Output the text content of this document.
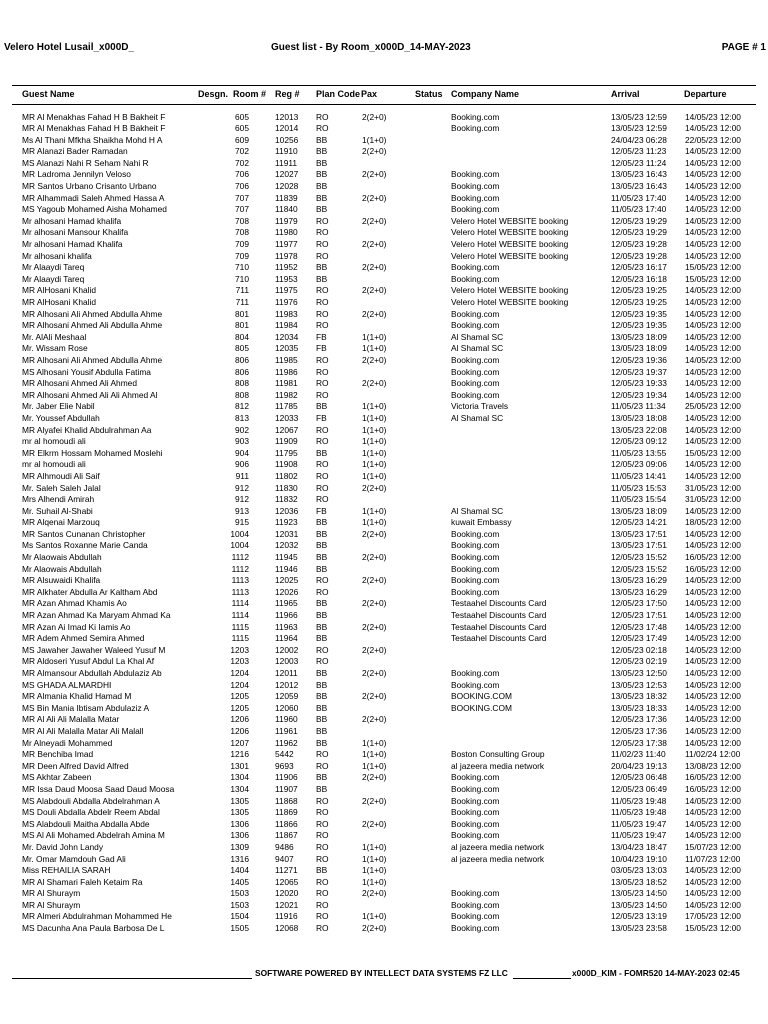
Velero Hotel Lusail_x000D_	Guest list - By Room_x000D_14-MAY-2023	PAGE # 1
Guest Name	Desgn. Room # Reg # Plan Code Pax	Status Company Name	Arrival	Departure
MR Al Menakhas Fahad H B Bakheit F	605	12013	RO	2(2+0)	Booking.com	13/05/23 12:59	14/05/23 12:00
MR Al Menakhas Fahad H B Bakheit F	605	12014	RO	Booking.com	13/05/23 12:59	14/05/23 12:00
Ms Al Thani Mfkha Shaikha Mohd H A	609	10256	BB	1(1+0)	24/04/23 06:28	22/05/23 12:00
MR Alanazi Bader Ramadan	702	11910	BB	2(2+0)	12/05/23 11:23	14/05/23 12:00
MS Alanazi Nahi R Seham Nahi R	702	11911	BB	12/05/23 11:24	14/05/23 12:00
MR Ladroma Jennilyn Veloso	706	12027	BB	2(2+0)	Booking.com	13/05/23 16:43	14/05/23 12:00
MR Santos Urbano Crisanto Urbano	706	12028	BB	Booking.com	13/05/23 16:43	14/05/23 12:00
MR Alhammadi Saleh Ahmed Hassa A	707	11839	BB	2(2+0)	Booking.com	11/05/23 17:40	14/05/23 12:00
MS Yagoub Mohamed Aisha Mohamed	707	11840	BB	Booking.com	11/05/23 17:40	14/05/23 12:00
Mr alhosani Hamad khalifa	708	11979	RO	2(2+0)	Velero Hotel WEBSITE booking	12/05/23 19:29	14/05/23 12:00
Mr alhosani Mansour Khalifa	708	11980	RO	Velero Hotel WEBSITE booking	12/05/23 19:29	14/05/23 12:00
Mr alhosani Hamad Khalifa	709	11977	RO	2(2+0)	Velero Hotel WEBSITE booking	12/05/23 19:28	14/05/23 12:00
Mr alhosani khalifa	709	11978	RO	Velero Hotel WEBSITE booking	12/05/23 19:28	14/05/23 12:00
Mr Alaaydi Tareq	710	11952	BB	2(2+0)	Booking.com	12/05/23 16:17	15/05/23 12:00
Mr Alaaydi Tareq	710	11953	BB	Booking.com	12/05/23 16:18	15/05/23 12:00
MR AlHosani Khalid	711	11975	RO	2(2+0)	Velero Hotel WEBSITE booking	12/05/23 19:25	14/05/23 12:00
MR AlHosani Khalid	711	11976	RO	Velero Hotel WEBSITE booking	12/05/23 19:25	14/05/23 12:00
MR Alhosani Ali Ahmed Abdulla Ahme	801	11983	RO	2(2+0)	Booking.com	12/05/23 19:35	14/05/23 12:00
MR Alhosani Ahmed Ali Abdulla Ahme	801	11984	RO	Booking.com	12/05/23 19:35	14/05/23 12:00
Mr. AlAli Meshaal	804	12034	FB	1(1+0)	Al Shamal SC	13/05/23 18:09	14/05/23 12:00
Mr. Wissam Rose	805	12035	FB	1(1+0)	Al Shamal SC	13/05/23 18:09	14/05/23 12:00
MR Alhosani Ali Ahmed Abdulla Ahme	806	11985	RO	2(2+0)	Booking.com	12/05/23 19:36	14/05/23 12:00
MS Alhosani Yousif Abdulla Fatima	806	11986	RO	Booking.com	12/05/23 19:37	14/05/23 12:00
MR Alhosani Ahmed Ali Ahmed	808	11981	RO	2(2+0)	Booking.com	12/05/23 19:33	14/05/23 12:00
MR Alhosani Ahmed Ali Ali Ahmed Al	808	11982	RO	Booking.com	12/05/23 19:34	14/05/23 12:00
Mr. Jaber Elie Nabil	812	11785	BB	1(1+0)	Victoria Travels	11/05/23 11:34	25/05/23 12:00
Mr. Youssef Abdullah	813	12033	FB	1(1+0)	Al Shamal SC	13/05/23 18:08	14/05/23 12:00
MR Alyafei Khalid Abdulrahman Aa	902	12067	RO	1(1+0)	13/05/23 22:08	14/05/23 12:00
mr al homoudi ali	903	11909	RO	1(1+0)	12/05/23 09:12	14/05/23 12:00
MR Elkrm Hossam Mohamed Moslehi	904	11795	BB	1(1+0)	11/05/23 13:55	15/05/23 12:00
mr al homoudi ali	906	11908	RO	1(1+0)	12/05/23 09:06	14/05/23 12:00
MR Alhmoudi Ali Saif	911	11802	RO	1(1+0)	11/05/23 14:41	14/05/23 12:00
Mr. Saleh Saleh Jalal	912	11830	RO	2(2+0)	11/05/23 15:53	31/05/23 12:00
Mrs Alhendi Amirah	912	11832	RO	11/05/23 15:54	31/05/23 12:00
Mr. Suhail Al-Shabi	913	12036	FB	1(1+0)	Al Shamal SC	13/05/23 18:09	14/05/23 12:00
MR Alqenai Marzouq	915	11923	BB	1(1+0)	kuwait Embassy	12/05/23 14:21	18/05/23 12:00
MR Santos Cunanan Christopher	1004	12031	BB	2(2+0)	Booking.com	13/05/23 17:51	14/05/23 12:00
Ms Santos Roxanne Marie Canda	1004	12032	BB	Booking.com	13/05/23 17:51	14/05/23 12:00
Mr Alaowais Abdullah	1112	11945	BB	2(2+0)	Booking.com	12/05/23 15:52	16/05/23 12:00
Mr Alaowais Abdullah	1112	11946	BB	Booking.com	12/05/23 15:52	16/05/23 12:00
MR Alsuwaidi Khalifa	1113	12025	RO	2(2+0)	Booking.com	13/05/23 16:29	14/05/23 12:00
MR Alkhater Abdulla Ar Kaltham Abd	1113	12026	RO	Booking.com	13/05/23 16:29	14/05/23 12:00
MR Azan Ahmad Khamis Ao	1114	11965	BB	2(2+0)	Testaahel Discounts Card	12/05/23 17:50	14/05/23 12:00
MR Azan Ahmad Ka Maryam Ahmad Ka	1114	11966	BB	Testaahel Discounts Card	12/05/23 17:51	14/05/23 12:00
MR Azan Ai Imad Ki Iamis Ao	1115	11963	BB	2(2+0)	Testaahel Discounts Card	12/05/23 17:48	14/05/23 12:00
MR Adem Ahmed Semira Ahmed	1115	11964	BB	Testaahel Discounts Card	12/05/23 17:49	14/05/23 12:00
MS Jawaher Jawaher Waleed Yusuf M	1203	12002	RO	2(2+0)	12/05/23 02:18	14/05/23 12:00
MR Aldoseri Yusuf Abdul La Khal Af	1203	12003	RO	12/05/23 02:19	14/05/23 12:00
MR Almansour Abdullah Abdulaziz Ab	1204	12011	BB	2(2+0)	Booking.com	13/05/23 12:50	14/05/23 12:00
MS GHADA ALMARDHI	1204	12012	BB	Booking.com	13/05/23 12:53	14/05/23 12:00
MR Almania Khalid Hamad M	1205	12059	BB	2(2+0)	BOOKING.COM	13/05/23 18:32	14/05/23 12:00
MS Bin Mania Ibtisam Abdulaziz A	1205	12060	BB	BOOKING.COM	13/05/23 18:33	14/05/23 12:00
MR Al Ali Ali Malalla Matar	1206	11960	BB	2(2+0)	12/05/23 17:36	14/05/23 12:00
MR Al Ali Malalla Matar Ali Malall	1206	11961	BB	12/05/23 17:36	14/05/23 12:00
Mr Alneyadi Mohammed	1207	11962	BB	1(1+0)	12/05/23 17:38	14/05/23 12:00
MR Benchiba Imad	1216	5442	RO	1(1+0)	Boston Consulting Group	11/02/23 11:40	11/02/24 12:00
MR Deen Alfred David Alfred	1301	9693	RO	1(1+0)	al jazeera media network	20/04/23 19:13	13/08/23 12:00
MS Akhtar Zabeen	1304	11906	BB	2(2+0)	Booking.com	12/05/23 06:48	16/05/23 12:00
MR Issa Daud Moosa Saad Daud Moosa	1304	11907	BB	Booking.com	12/05/23 06:49	16/05/23 12:00
MS Alabdouli Abdalla Abdelrahman A	1305	11868	RO	2(2+0)	Booking.com	11/05/23 19:48	14/05/23 12:00
MS Douli Abdalla Abdelr Reem Abdal	1305	11869	RO	Booking.com	11/05/23 19:48	14/05/23 12:00
MS Alabdouli Maitha Abdalla Abde	1306	11866	RO	2(2+0)	Booking.com	11/05/23 19:47	14/05/23 12:00
MS Al Ali Mohamed Abdelrah Amina M	1306	11867	RO	Booking.com	11/05/23 19:47	14/05/23 12:00
Mr. David John Landy	1309	9486	RO	1(1+0)	al jazeera media network	13/04/23 18:47	15/07/23 12:00
Mr. Omar Mamdouh Gad Ali	1316	9407	RO	1(1+0)	al jazeera media network	10/04/23 19:10	11/07/23 12:00
Miss REHAILIA SARAH	1404	11271	BB	1(1+0)	03/05/23 13:03	14/05/23 12:00
MR Al Shamari Faleh Ketaim Ra	1405	12065	RO	1(1+0)	13/05/23 18:52	14/05/23 12:00
MR Al Shuraym	1503	12020	RO	2(2+0)	Booking.com	13/05/23 14:50	14/05/23 12:00
MR Al Shuraym	1503	12021	RO	Booking.com	13/05/23 14:50	14/05/23 12:00
MR Almeri Abdulrahman Mohammed He	1504	11916	RO	1(1+0)	Booking.com	12/05/23 13:19	17/05/23 12:00
MS Dacunha Ana Paula Barbosa De L	1505	12068	RO	2(2+0)	Booking.com	13/05/23 23:58	15/05/23 12:00
SOFTWARE POWERED BY INTELLECT DATA SYSTEMS FZ LLC	x000D_KIM - FOMR520 14-MAY-2023 02:45
